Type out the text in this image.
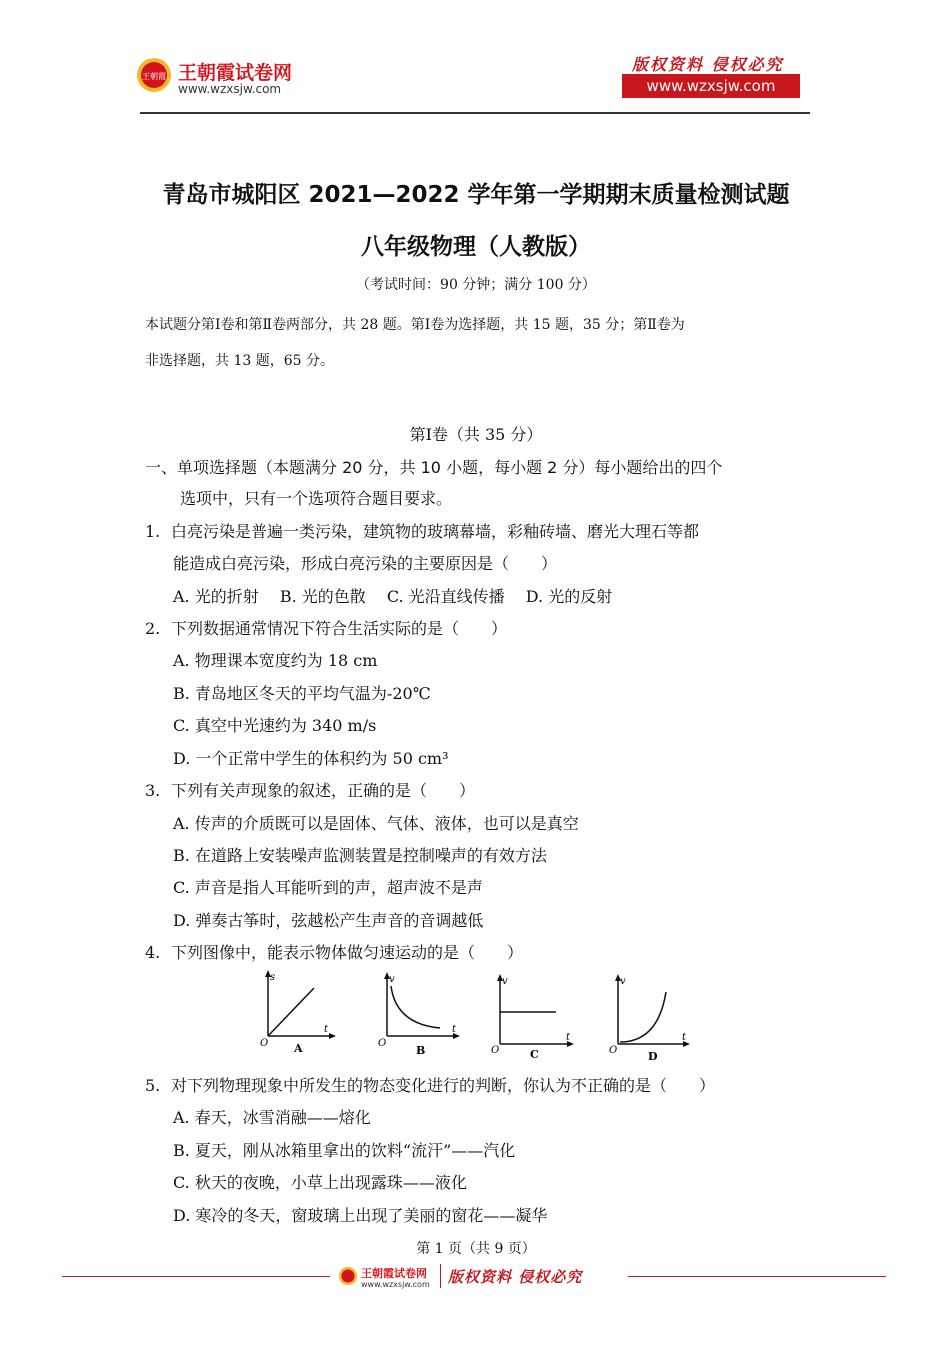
王朝霞 王朝霞试卷网
www.wzxsjw.com
版权资料 侵权必究
www.wzxsjw.com
青岛市城阳区 2021—2022 学年第一学期期末质量检测试题
八年级物理（人教版）
（考试时间：90 分钟；满分 100 分）
本试题分第Ⅰ卷和第Ⅱ卷两部分，共 28 题。第Ⅰ卷为选择题，共 15 题，35 分；第Ⅱ卷为
非选择题，共 13 题，65 分。
第Ⅰ卷（共 35 分）
一、单项选择题（本题满分 20 分，共 10 小题，每小题 2 分）每小题给出的四个
选项中，只有一个选项符合题目要求。
1. 白亮污染是普遍一类污染，建筑物的玻璃幕墙，彩釉砖墙、磨光大理石等都
能造成白亮污染，形成白亮污染的主要原因是（　　）
A. 光的折射　 B. 光的色散　 C. 光沿直线传播　 D. 光的反射
2. 下列数据通常情况下符合生活实际的是（　　）
A. 物理课本宽度约为 18 cm
B. 青岛地区冬天的平均气温为-20℃
C. 真空中光速约为 340 m/s
D. 一个正常中学生的体积约为 50 cm³
3. 下列有关声现象的叙述，正确的是（　　）
A. 传声的介质既可以是固体、气体、液体，也可以是真空
B. 在道路上安装噪声监测装置是控制噪声的有效方法
C. 声音是指人耳能听到的声，超声波不是声
D. 弹奏古筝时，弦越松产生声音的音调越低
4. 下列图像中，能表示物体做匀速运动的是（　　）
s
t
O A
v
t
O
B
v
t
O	C
v
t
O	D
5. 对下列物理现象中所发生的物态变化进行的判断，你认为不正确的是（　　）
A. 春天，冰雪消融——熔化
B. 夏天，刚从冰箱里拿出的饮料“流汗”——汽化
C. 秋天的夜晚，小草上出现露珠——液化
D. 寒冷的冬天，窗玻璃上出现了美丽的窗花——凝华
第 1 页（共 9 页）
王朝霞试卷网
www.wzxsjw.com 版权资料 侵权必究
